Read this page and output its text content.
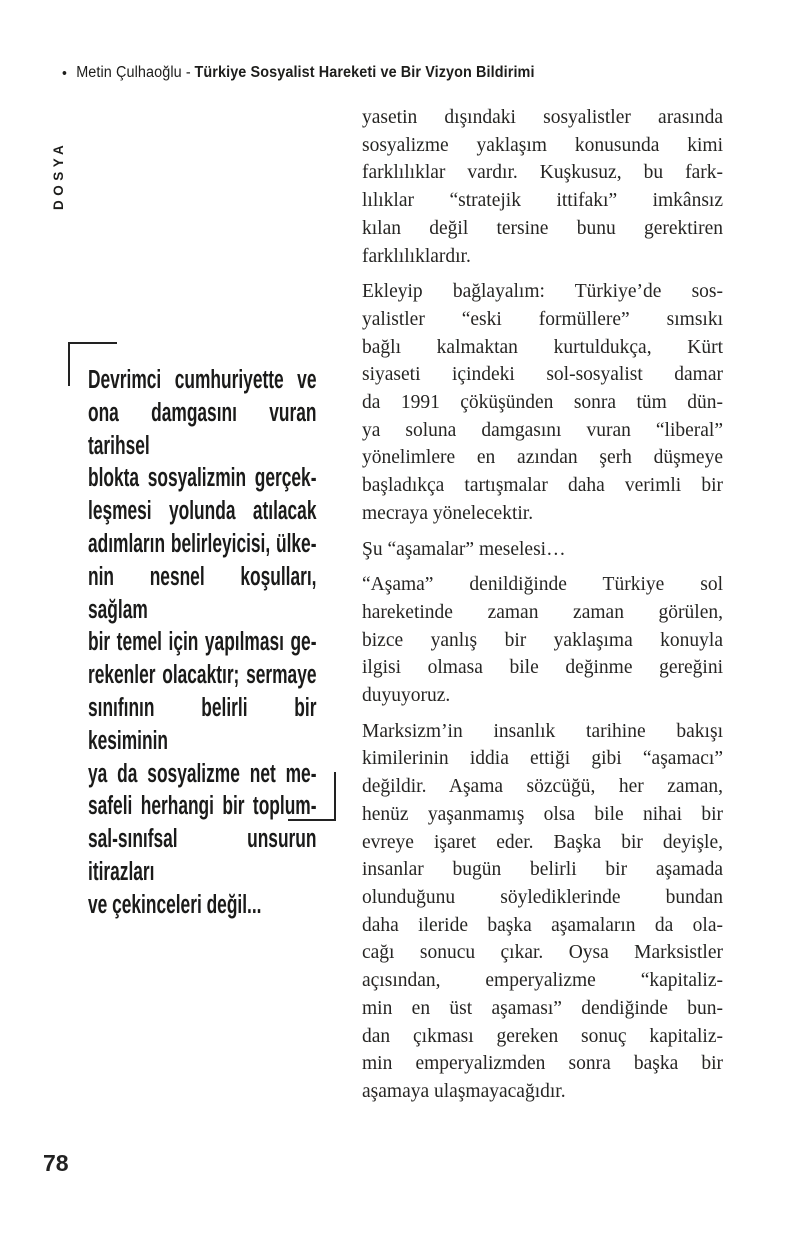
• Metin Çulhaoğlu - Türkiye Sosyalist Hareketi ve Bir Vizyon Bildirimi
DOSYA
Devrimci cumhuriyette ve
ona damgasını vuran tarihsel
blokta sosyalizmin gerçek-
leşmesi yolunda atılacak
adımların belirleyicisi, ülke-
nin nesnel koşulları, sağlam
bir temel için yapılması ge-
rekenler olacaktır; sermaye
sınıfının belirli bir kesiminin
ya da sosyalizme net me-
safeli herhangi bir toplum-
sal-sınıfsal unsurun itirazları
ve çekinceleri değil...
yasetin dışındaki sosyalistler arasında
sosyalizme yaklaşım konusunda kimi
farklılıklar vardır. Kuşkusuz, bu fark-
lılıklar “stratejik ittifakı” imkânsız
kılan değil tersine bunu gerektiren
farklılıklardır.
Ekleyip bağlayalım: Türkiye’de sos-
yalistler “eski formüllere” sımsıkı
bağlı kalmaktan kurtuldukça, Kürt
siyaseti içindeki sol-sosyalist damar
da 1991 çöküşünden sonra tüm dün-
ya soluna damgasını vuran “liberal”
yönelimlere en azından şerh düşmeye
başladıkça tartışmalar daha verimli bir
mecraya yönelecektir.
Şu “aşamalar” meselesi…
“Aşama” denildiğinde Türkiye sol
hareketinde zaman zaman görülen,
bizce yanlış bir yaklaşıma konuyla
ilgisi olmasa bile değinme gereğini
duyuyoruz.
Marksizm’in insanlık tarihine bakışı
kimilerinin iddia ettiği gibi “aşamacı”
değildir. Aşama sözcüğü, her zaman,
henüz yaşanmamış olsa bile nihai bir
evreye işaret eder. Başka bir deyişle,
insanlar bugün belirli bir aşamada
olunduğunu söylediklerinde bundan
daha ileride başka aşamaların da ola-
cağı sonucu çıkar. Oysa Marksistler
açısından, emperyalizme “kapitaliz-
min en üst aşaması” dendiğinde bun-
dan çıkması gereken sonuç kapitaliz-
min emperyalizmden sonra başka bir
aşamaya ulaşmayacağıdır.
78
